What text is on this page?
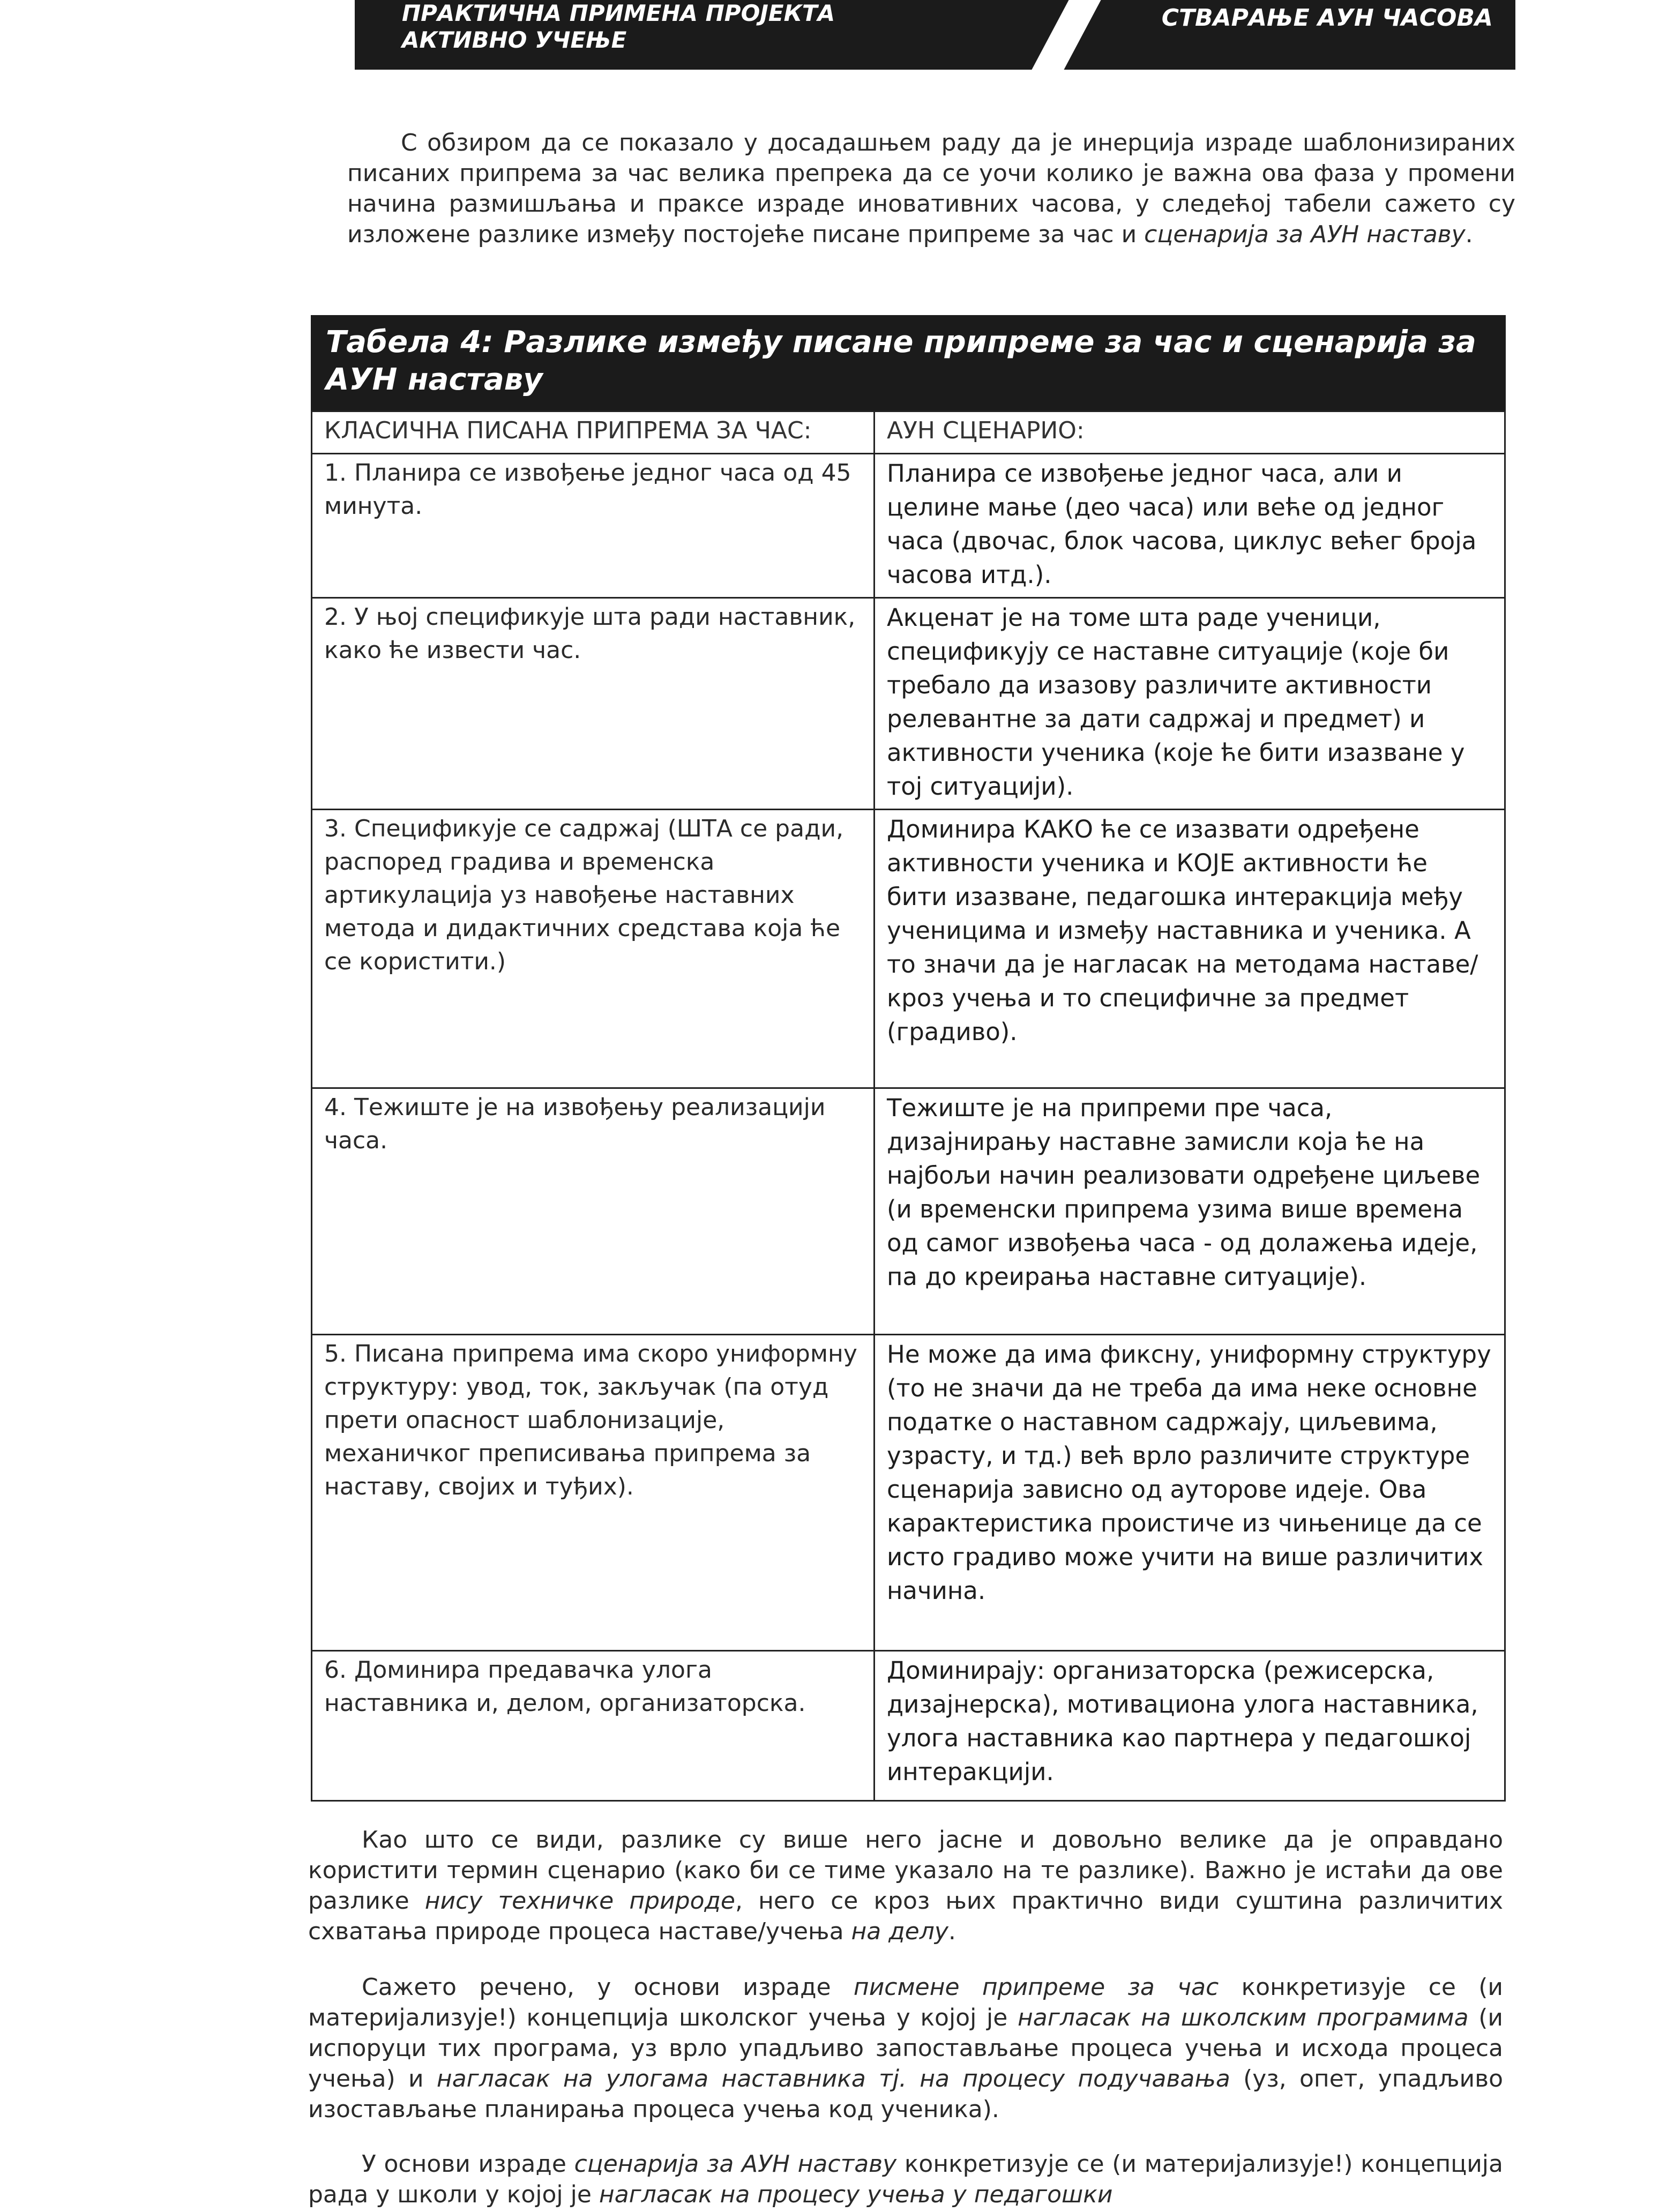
ПРАКТИЧНА ПРИМЕНА ПРОЈЕКТА
АКТИВНО УЧЕЊЕ
СТВАРАЊЕ АУН ЧАСОВА

С обзиром да се показало у досадашњем раду да је инерција израде шаблонизираних писаних припрема за час велика препрека да се уочи колико је важна ова фаза у промени начина размишљања и праксе израде иновативних часова, у следећој табели сажето су изложене разлике између постојеће писане припреме за час и сценарија за АУН наставу.

Табела 4: Разлике између писане припреме за час и сценарија за АУН наставу
КЛАСИЧНА ПИСАНА ПРИПРЕМА ЗА ЧАС:	АУН СЦЕНАРИО:
1. Планира се извођење једног часа од 45 минута.	Планира се извођење једног часа, али и целине мање (део часа) или веће од једног часа (двочас, блок часова, циклус већег броја часова итд.).
2. У њој спецификује шта ради наставник, како ће извести час.	Акценат је на томе шта раде ученици, спецификују се наставне ситуације (које би требало да изазову различите активности релевантне за дати садржај и предмет) и активности ученика (које ће бити изазване у тој ситуацији).
3. Спецификује се садржај (ШТА се ради, распоред градива и временска артикулација уз навођење наставних метода и дидактичних средстава која ће се користити.)	Доминира КАКО ће се изазвати одређене активности ученика и КОЈЕ активности ће бити изазване, педагошка интеракција међу ученицима и између наставника и ученика. А то значи да је нагласак на методама наставе/кроз учења и то специфичне за предмет (градиво).
4. Тежиште је на извођењу реализацији часа.	Тежиште је на припреми пре часа, дизајнирању наставне замисли која ће на најбољи начин реализовати одређене циљеве (и временски припрема узима више времена од самог извођења часа - од долажења идеје, па до креирања наставне ситуације).
5. Писана припрема има скоро униформну структуру: увод, ток, закључак (па отуд прети опасност шаблонизације, механичког преписивања припрема за наставу, својих и туђих).	Не може да има фиксну, униформну структуру (то не значи да не треба да има неке основне податке о наставном садржају, циљевима, узрасту, и тд.) већ врло различите структуре сценарија зависно од ауторове идеје. Ова карактеристика проистиче из чињенице да се исто градиво може учити на више различитих начина.
6. Доминира предавачка улога наставника и, делом, организаторска.	Доминирају: организаторска (режисерска, дизајнерска), мотивациона улога наставника, улога наставника као партнера у педагошкој интеракцији.

Као што се види, разлике су више него јасне и довољно велике да је оправдано користити термин сценарио (како би се тиме указало на те разлике). Важно је истаћи да ове разлике нису техничке природе, него се кроз њих практично види суштина различитих схватања природе процеса наставе/учења на делу.

Сажето речено, у основи израде писмене припреме за час конкретизује се (и материјализује!) концепција школског учења у којој је нагласак на школским програмима (и испоруци тих програма, уз врло упадљиво запостављање процеса учења и исхода процеса учења) и нагласак на улогама наставника тј. на процесу подучавања (уз, опет, упадљиво изостављање планирања процеса учења код ученика).

У основи израде сценарија за АУН наставу конкретизује се (и материјализује!) концепција рада у школи у којој је нагласак на процесу учења у педагошки
